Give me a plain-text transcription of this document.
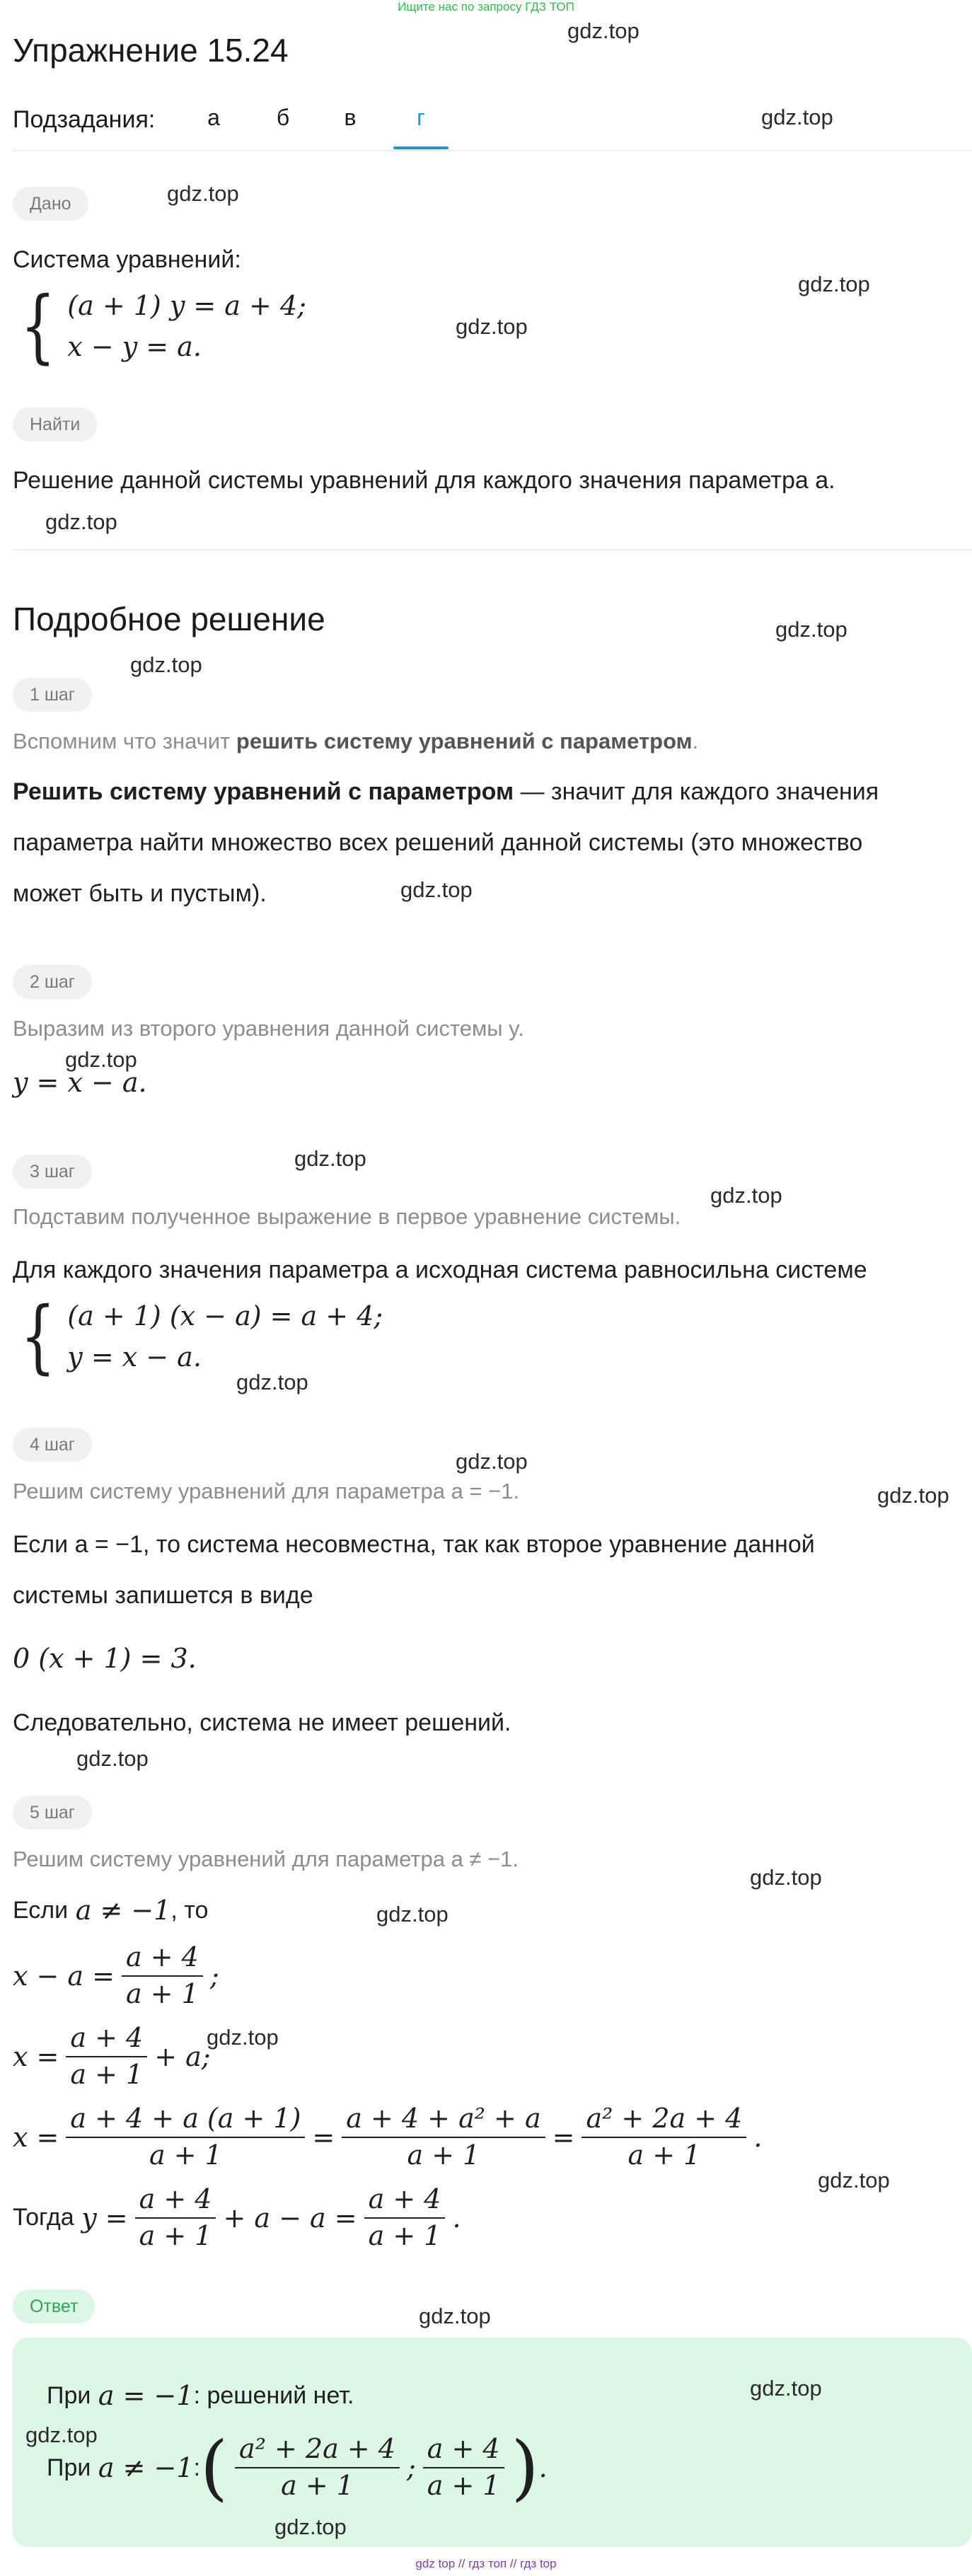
Ищите нас по запросу ГДЗ ТОП
Упражнение 15.24
Подзадания:	а	б	в	г
Дано
Система уравнений:
{ (a + 1) y = a + 4;
x − y = a.
Найти
Решение данной системы уравнений для каждого значения параметра a.
Подробное решение
1 шаг
Вспомним что значит решить систему уравнений с параметром.
Решить систему уравнений с параметром — значит для каждого значения
параметра найти множество всех решений данной системы (это множество
может быть и пустым).
2 шаг
Выразим из второго уравнения данной системы y.
y = x − a.
3 шаг
Подставим полученное выражение в первое уравнение системы.
Для каждого значения параметра a исходная система равносильна системе
{ (a + 1) (x − a) = a + 4;
y = x − a.
4 шаг
Решим систему уравнений для параметра a = −1.
Если a = −1, то система несовместна, так как второе уравнение данной
системы запишется в виде
0 (x + 1) = 3.
Следовательно, система не имеет решений.
5 шаг
Решим систему уравнений для параметра a ≠ −1.
Если
a ≠ −1 , то
$x - a = \frac{a + 4}{a + 1}$ ;
$x = \frac{a + 4}{a + 1} + a$;
$x = \frac{a + 4 + a (a + 1)}{a + 1} = \frac{\text{a + 4 + a² + a}}{a + 1} = \frac{\text{a² + 2a + 4}}{a + 1}$ .
Тогда
$y = \frac{a + 4}{a + 1} + a - a = \frac{a + 4}{a + 1}$ .
Ответ
При
a = −1 : решений нет.
При
a ≠ −1 : ( $\frac{\text{a² + 2a + 4}}{a + 1}$ ; $\frac{a + 4}{a + 1}$ ) .
gdz.top
gdz.top
gdz.top
gdz.top
gdz.top
gdz.top
gdz.top
gdz.top
gdz.top
gdz.top
gdz.top
gdz.top
gdz.top
gdz.top
gdz.top
gdz.top
gdz.top
gdz.top
gdz.top
gdz.top
gdz.top
gdz.top
gdz.top
gdz.top
gdz top // гдз топ // гдз top
